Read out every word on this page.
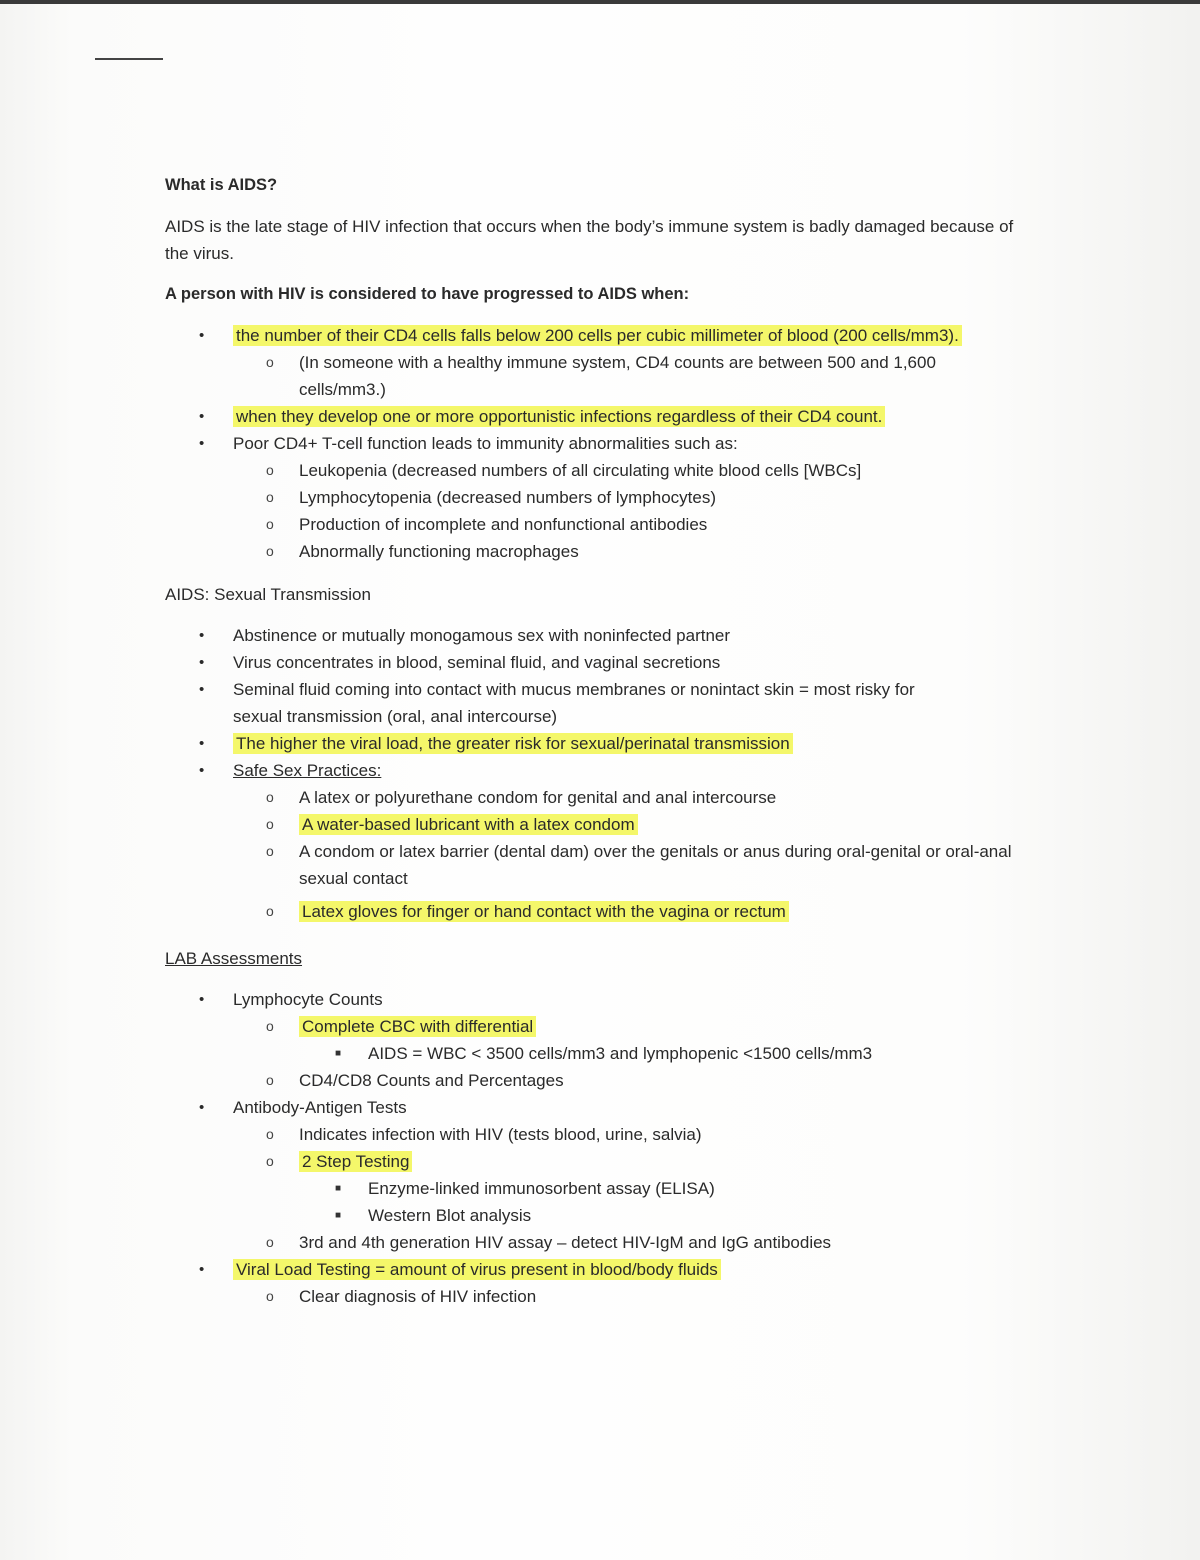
What is AIDS?

AIDS is the late stage of HIV infection that occurs when the body’s immune system is badly damaged because of the virus.

A person with HIV is considered to have progressed to AIDS when:

• the number of their CD4 cells falls below 200 cells per cubic millimeter of blood (200 cells/mm3).
o (In someone with a healthy immune system, CD4 counts are between 500 and 1,600 cells/mm3.)
• when they develop one or more opportunistic infections regardless of their CD4 count.
• Poor CD4+ T-cell function leads to immunity abnormalities such as:
o Leukopenia (decreased numbers of all circulating white blood cells [WBCs]
o Lymphocytopenia (decreased numbers of lymphocytes)
o Production of incomplete and nonfunctional antibodies
o Abnormally functioning macrophages

AIDS: Sexual Transmission

• Abstinence or mutually monogamous sex with noninfected partner
• Virus concentrates in blood, seminal fluid, and vaginal secretions
• Seminal fluid coming into contact with mucus membranes or nonintact skin = most risky for sexual transmission (oral, anal intercourse)
• The higher the viral load, the greater risk for sexual/perinatal transmission
• Safe Sex Practices:
o A latex or polyurethane condom for genital and anal intercourse
o A water-based lubricant with a latex condom
o A condom or latex barrier (dental dam) over the genitals or anus during oral-genital or oral-anal sexual contact
o Latex gloves for finger or hand contact with the vagina or rectum

LAB Assessments

• Lymphocyte Counts
o Complete CBC with differential
■ AIDS = WBC < 3500 cells/mm3 and lymphopenic <1500 cells/mm3
o CD4/CD8 Counts and Percentages
• Antibody-Antigen Tests
o Indicates infection with HIV (tests blood, urine, salvia)
o 2 Step Testing
■ Enzyme-linked immunosorbent assay (ELISA)
■ Western Blot analysis
o 3rd and 4th generation HIV assay – detect HIV-IgM and IgG antibodies
• Viral Load Testing = amount of virus present in blood/body fluids
o Clear diagnosis of HIV infection
